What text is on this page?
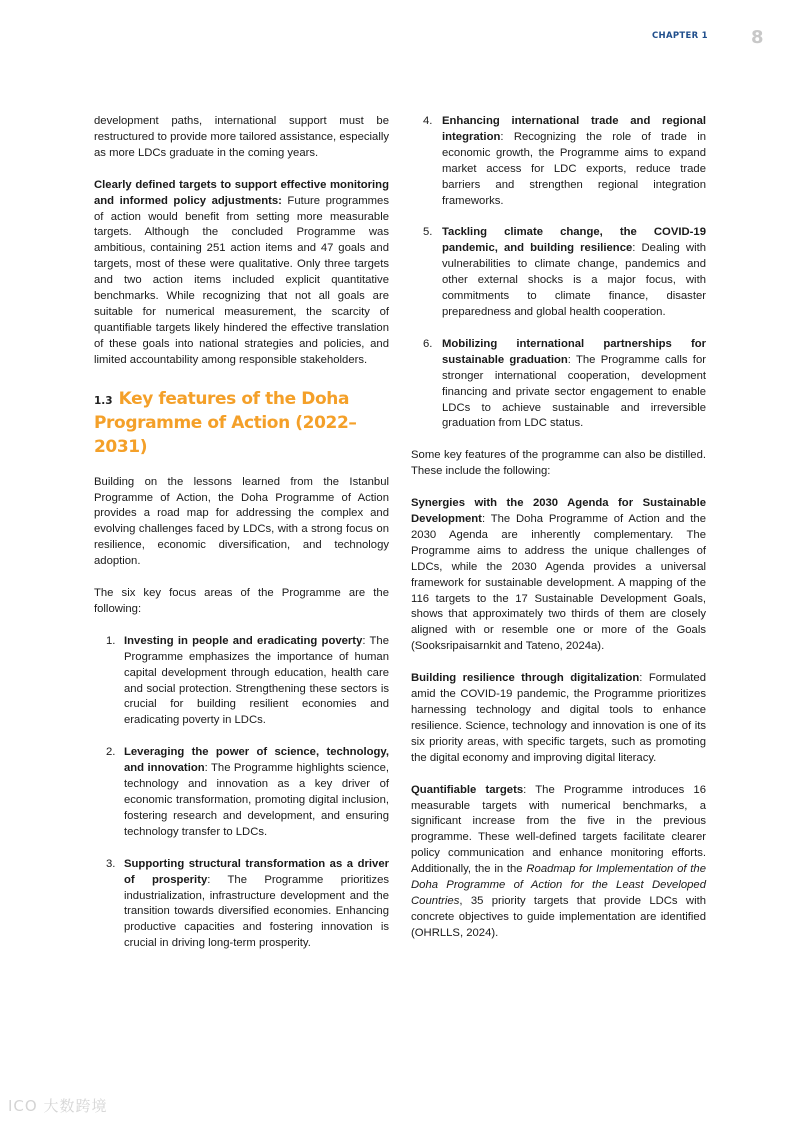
CHAPTER 1 8

development paths, international support must be restructured to provide more tailored assistance, especially as more LDCs graduate in the coming years.

Clearly defined targets to support effective monitoring and informed policy adjustments: Future programmes of action would benefit from setting more measurable targets. Although the concluded Programme was ambitious, containing 251 action items and 47 goals and targets, most of these were qualitative. Only three targets and two action items included explicit quantitative benchmarks. While recognizing that not all goals are suitable for numerical measurement, the scarcity of quantifiable targets likely hindered the effective translation of these goals into national strategies and policies, and limited accountability among responsible stakeholders.

1.3 Key features of the Doha Programme of Action (2022–2031)

Building on the lessons learned from the Istanbul Programme of Action, the Doha Programme of Action provides a road map for addressing the complex and evolving challenges faced by LDCs, with a strong focus on resilience, economic diversification, and technology adoption.

The six key focus areas of the Programme are the following:

1. Investing in people and eradicating poverty: The Programme emphasizes the importance of human capital development through education, health care and social protection. Strengthening these sectors is crucial for building resilient economies and eradicating poverty in LDCs.
2. Leveraging the power of science, technology, and innovation: The Programme highlights science, technology and innovation as a key driver of economic transformation, promoting digital inclusion, fostering research and development, and ensuring technology transfer to LDCs.
3. Supporting structural transformation as a driver of prosperity: The Programme prioritizes industrialization, infrastructure development and the transition towards diversified economies. Enhancing productive capacities and fostering innovation is crucial in driving long-term prosperity.
4. Enhancing international trade and regional integration: Recognizing the role of trade in economic growth, the Programme aims to expand market access for LDC exports, reduce trade barriers and strengthen regional integration frameworks.
5. Tackling climate change, the COVID-19 pandemic, and building resilience: Dealing with vulnerabilities to climate change, pandemics and other external shocks is a major focus, with commitments to climate finance, disaster preparedness and global health cooperation.
6. Mobilizing international partnerships for sustainable graduation: The Programme calls for stronger international cooperation, development financing and private sector engagement to enable LDCs to achieve sustainable and irreversible graduation from LDC status.

Some key features of the programme can also be distilled. These include the following:

Synergies with the 2030 Agenda for Sustainable Development: The Doha Programme of Action and the 2030 Agenda are inherently complementary. The Programme aims to address the unique challenges of LDCs, while the 2030 Agenda provides a universal framework for sustainable development. A mapping of the 116 targets to the 17 Sustainable Development Goals, shows that approximately two thirds of them are closely aligned with or resemble one or more of the Goals (Sooksripaisarnkit and Tateno, 2024a).

Building resilience through digitalization: Formulated amid the COVID-19 pandemic, the Programme prioritizes harnessing technology and digital tools to enhance resilience. Science, technology and innovation is one of its six priority areas, with specific targets, such as promoting the digital economy and improving digital literacy.

Quantifiable targets: The Programme introduces 16 measurable targets with numerical benchmarks, a significant increase from the five in the previous programme. These well-defined targets facilitate clearer policy communication and enhance monitoring efforts. Additionally, the in the Roadmap for Implementation of the Doha Programme of Action for the Least Developed Countries, 35 priority targets that provide LDCs with concrete objectives to guide implementation are identified (OHRLLS, 2024).

ICO 大数跨境
